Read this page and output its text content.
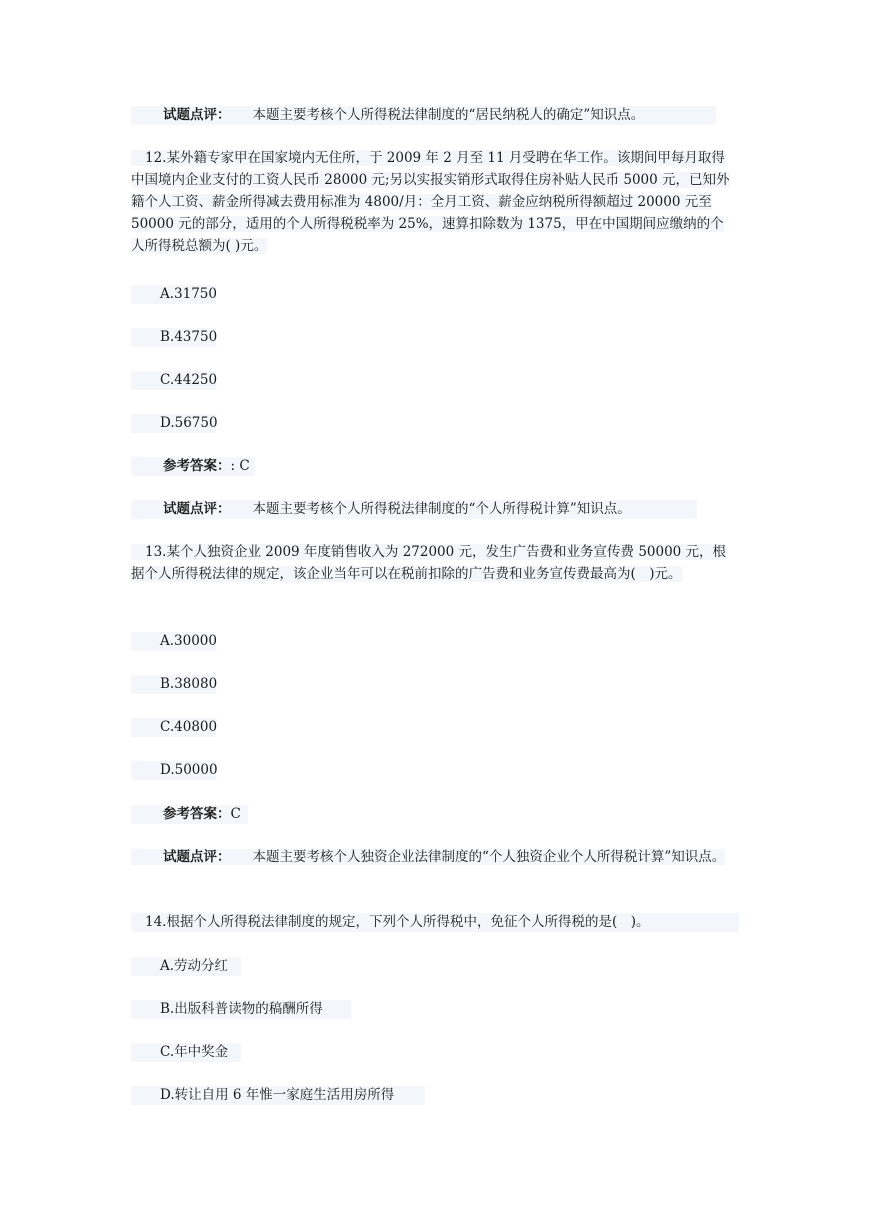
试题点评： 本题主要考核个人所得税法律制度的“居民纳税人的确定”知识点。
12.某外籍专家甲在国家境内无住所，于 2009 年 2 月至 11 月受聘在华工作。该期间甲每月取得中国境内企业支付的工资人民币 28000 元;另以实报实销形式取得住房补贴人民币 5000 元，已知外籍个人工资、薪金所得减去费用标准为 4800/月：全月工资、薪金应纳税所得额超过 20000 元至 50000 元的部分，适用的个人所得税税率为 25%，速算扣除数为 1375，甲在中国期间应缴纳的个人所得税总额为( )元。
A.31750
B.43750
C.44250
D.56750
参考答案：: C
试题点评： 本题主要考核个人所得税法律制度的“个人所得税计算”知识点。
13.某个人独资企业 2009 年度销售收入为 272000 元，发生广告费和业务宣传费 50000 元，根据个人所得税法律的规定，该企业当年可以在税前扣除的广告费和业务宣传费最高为(　)元。
A.30000
B.38080
C.40800
D.50000
参考答案：C
试题点评： 本题主要考核个人独资企业法律制度的“个人独资企业个人所得税计算”知识点。
14.根据个人所得税法律制度的规定，下列个人所得税中，免征个人所得税的是(　)。
A.劳动分红
B.出版科普读物的稿酬所得
C.年中奖金
D.转让自用 6 年惟一家庭生活用房所得
